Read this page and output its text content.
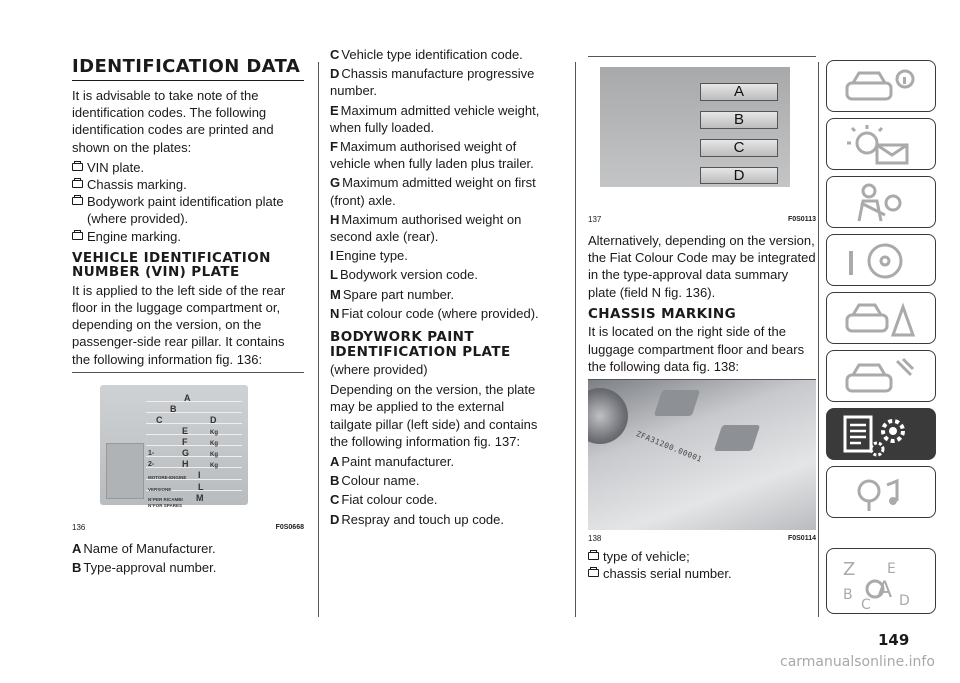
IDENTIFICATION DATA

It is advisable to take note of the identification codes. The following identification codes are printed and shown on the plates:

VIN plate.
Chassis marking.
Bodywork paint identification plate (where provided).
Engine marking.
VEHICLE IDENTIFICATION NUMBER (VIN) PLATE

It is applied to the left side of the rear floor in the luggage compartment or, depending on the version, on the passenger-side rear pillar. It contains the following information fig. 136:

A
B
C	D
E
F
G
H
I
L
M
Kg
Kg
Kg
Kg
1-
2-
MOTORE-ENGINE
VERSIONE
N°PER RICAMBI
N°FOR SPARES
136	F0S0668
A Name of Manufacturer.
B Type-approval number.
C Vehicle type identification code.
D Chassis manufacture progressive number.
E Maximum admitted vehicle weight, when fully loaded.
F Maximum authorised weight of vehicle when fully laden plus trailer.
G Maximum admitted weight on first (front) axle.
H Maximum authorised weight on second axle (rear).
I Engine type.
L Bodywork version code.
M Spare part number.
N Fiat colour code (where provided).
BODYWORK PAINT IDENTIFICATION PLATE

(where provided)

Depending on the version, the plate may be applied to the external tailgate pillar (left side) and contains the following information fig. 137:

A Paint manufacturer.
B Colour name.
C Fiat colour code.
D Respray and touch up code.
A
B
C
D
137	F0S0113

Alternatively, depending on the version, the Fiat Colour Code may be integrated in the type-approval data summary plate (field N fig. 136).

CHASSIS MARKING

It is located on the right side of the luggage compartment floor and bears the following data fig. 138:

ZFA31200.00001
138	F0S0114
type of vehicle;
chassis serial number.	Z
C
B A
E
D
149
carmanualsonline.info
